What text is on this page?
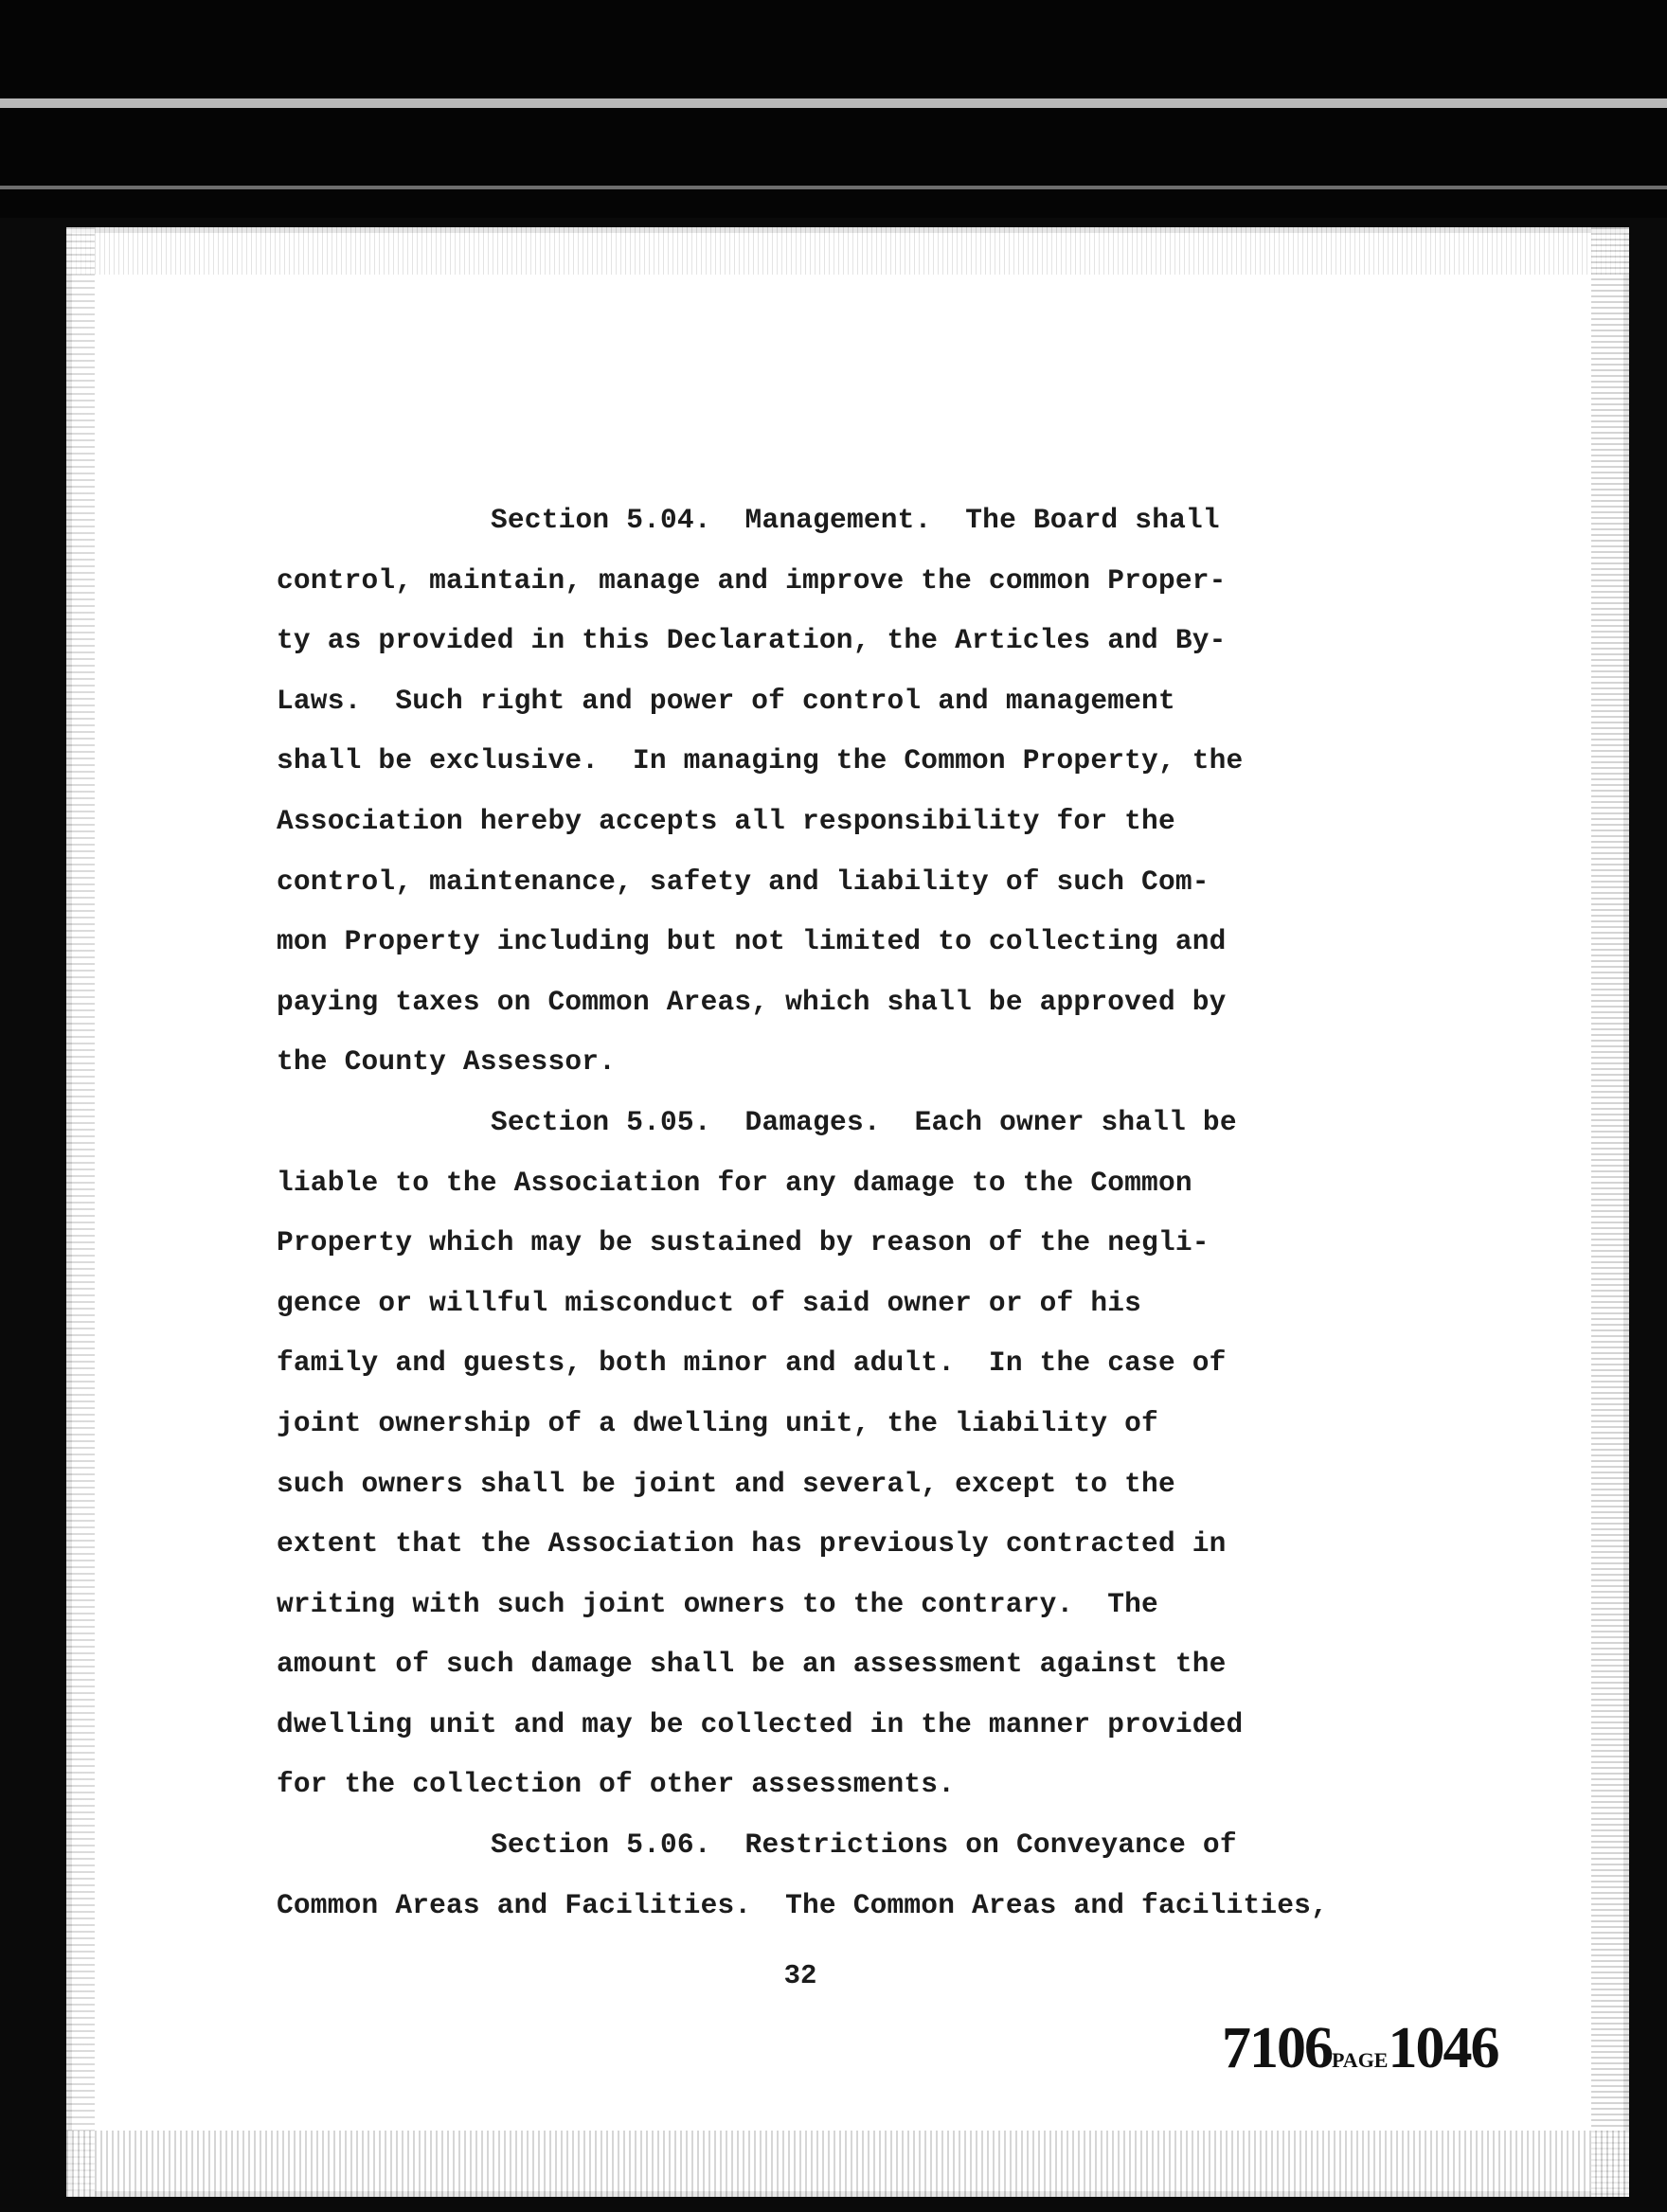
Section 5.04.  Management.  The Board shall
control, maintain, manage and improve the common Proper-
ty as provided in this Declaration, the Articles and By-
Laws.  Such right and power of control and management
shall be exclusive.  In managing the Common Property, the
Association hereby accepts all responsibility for the
control, maintenance, safety and liability of such Com-
mon Property including but not limited to collecting and
paying taxes on Common Areas, which shall be approved by
the County Assessor.
Section 5.05.  Damages.  Each owner shall be
liable to the Association for any damage to the Common
Property which may be sustained by reason of the negli-
gence or willful misconduct of said owner or of his
family and guests, both minor and adult.  In the case of
joint ownership of a dwelling unit, the liability of
such owners shall be joint and several, except to the
extent that the Association has previously contracted in
writing with such joint owners to the contrary.  The
amount of such damage shall be an assessment against the
dwelling unit and may be collected in the manner provided
for the collection of other assessments.
Section 5.06.  Restrictions on Conveyance of
Common Areas and Facilities.  The Common Areas and facilities,
32
7106PAGE1046
